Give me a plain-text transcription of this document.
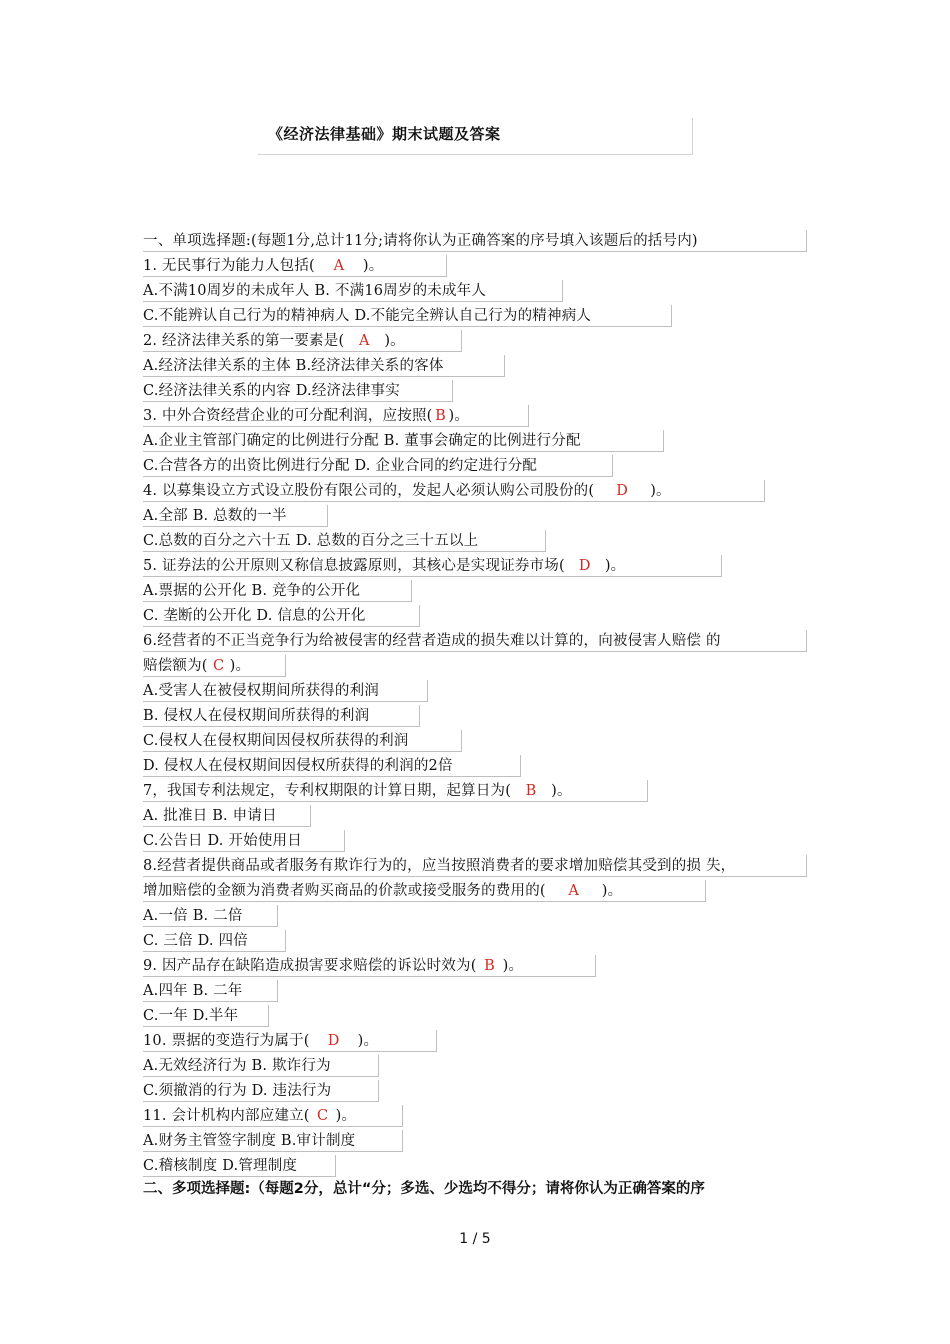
《经济法律基础》期末试题及答案
一、单项选择题:(每题1分,总计11分;请将你认为正确答案的序号填入该题后的括号内)
1. 无民事行为能力人包括( A )。
A.不满10周岁的未成年人 B. 不满16周岁的未成年人
C.不能辨认自己行为的精神病人 D.不能完全辨认自己行为的精神病人
2. 经济法律关系的第一要素是( A )。
A.经济法律关系的主体 B.经济法律关系的客体
C.经济法律关系的内容 D.经济法律事实
3. 中外合资经营企业的可分配利润，应按照( B )。
A.企业主管部门确定的比例进行分配 B. 董事会确定的比例进行分配
C.合营各方的出资比例进行分配 D. 企业合同的约定进行分配
4. 以募集设立方式设立股份有限公司的，发起人必须认购公司股份的( D )。
A.全部 B. 总数的一半
C.总数的百分之六十五 D. 总数的百分之三十五以上
5. 证券法的公开原则又称信息披露原则，其核心是实现证券市场( D )。
A.票据的公开化 B. 竞争的公开化
C. 垄断的公开化 D. 信息的公开化
6.经营者的不正当竞争行为给被侵害的经营者造成的损失难以计算的，向被侵害人赔偿 的
赔偿额为( C )。
A.受害人在被侵权期间所获得的利润
B. 侵权人在侵权期间所获得的利润
C.侵权人在侵权期间因侵权所获得的利润
D. 侵权人在侵权期间因侵权所获得的利润的2倍
7，我国专利法规定，专利权期限的计算日期，起算日为( B )。
A. 批准日 B. 申请日
C.公告日 D. 开始使用日
8.经营者提供商品或者服务有欺诈行为的，应当按照消费者的要求增加赔偿其受到的损 失，
增加赔偿的金额为消费者购买商品的价款或接受服务的费用的( A )。
A.一倍 B. 二倍
C. 三倍 D. 四倍
9. 因产品存在缺陷造成损害要求赔偿的诉讼时效为( B )。
A.四年 B. 二年
C.一年 D.半年
10. 票据的变造行为属于( D )。
A.无效经济行为 B. 欺诈行为
C.须撤消的行为 D. 违法行为
11. 会计机构内部应建立( C )。
A.财务主管签字制度 B.审计制度
C.稽核制度 D.管理制度
二、多项选择题:（每题2分，总计“分；多选、少选均不得分；请将你认为正确答案的序
1 / 5
